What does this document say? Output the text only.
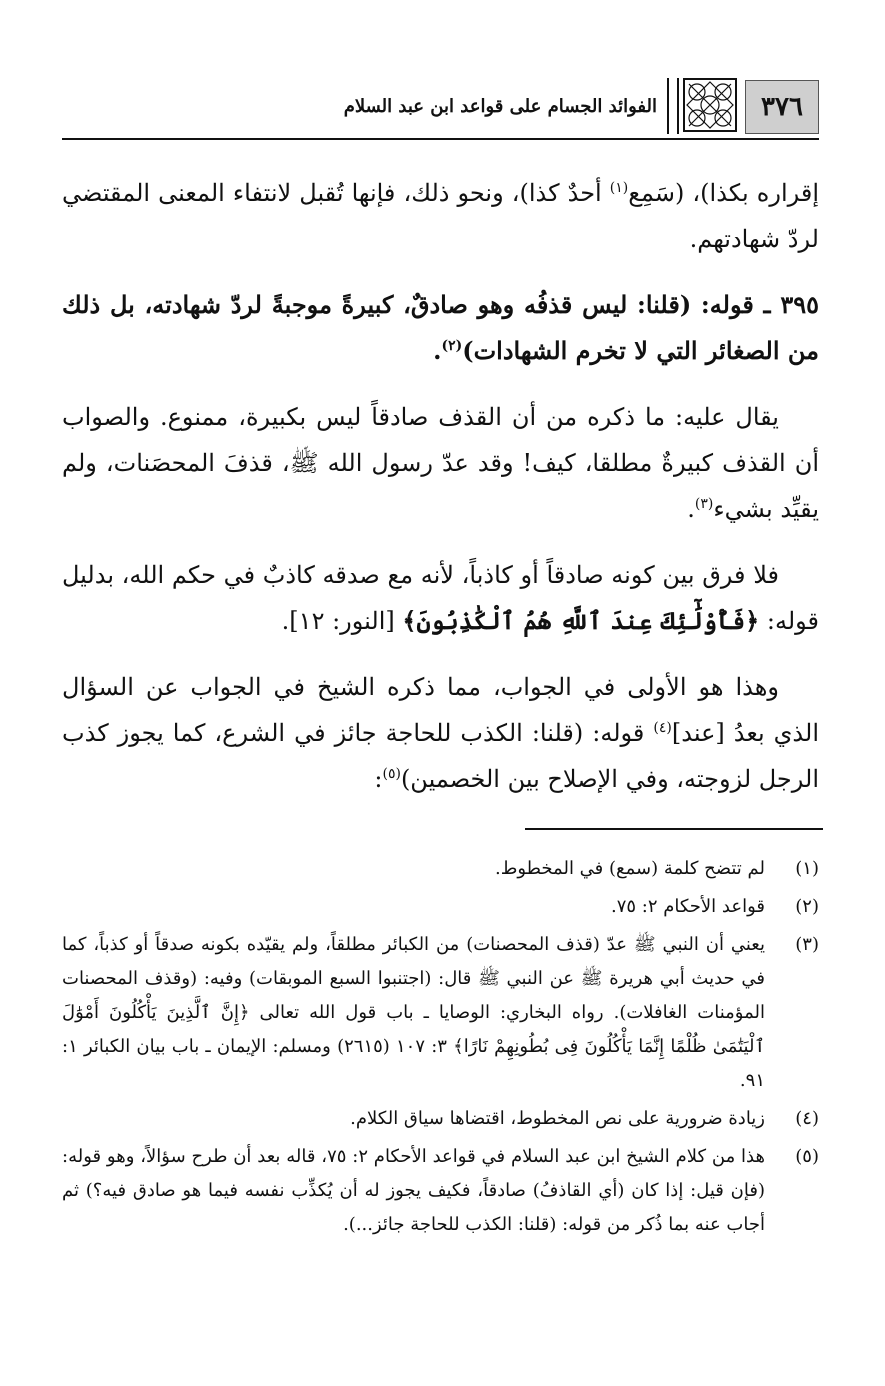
٣٧٦
الفوائد الجسام على قواعد ابن عبد السلام

إقراره بكذا)، (سَمِع$^{(١)}$ أحدٌ كذا)، ونحو ذلك، فإنها تُقبل لانتفاء المعنى المقتضي لردّ شهادتهم.

٣٩٥ ـ قوله: (قلنا: ليس قذفُه وهو صادقٌ، كبيرةً موجبةً لردّ شهادته، بل ذلك من الصغائر التي لا تخرم الشهادات)$^{(٢)}$.

يقال عليه: ما ذكره من أن القذف صادقاً ليس بكبيرة، ممنوع. والصواب أن القذف كبيرةٌ مطلقا، كيف! وقد عدّ رسول الله ﷺ، قذفَ المحصَنات، ولم يقيِّد بشيء$^{(٣)}$.

فلا فرق بين كونه صادقاً أو كاذباً، لأنه مع صدقه كاذبٌ في حكم الله، بدليل قوله: ﴿فَأُوْلَٰٓئِكَ عِندَ ٱللَّهِ هُمُ ٱلْكَٰذِبُونَ﴾ [النور: ١٢].

وهذا هو الأولى في الجواب، مما ذكره الشيخ في الجواب عن السؤال الذي بعدُ [عند]$^{(٤)}$ قوله: (قلنا: الكذب للحاجة جائز في الشرع، كما يجوز كذب الرجل لزوجته، وفي الإصلاح بين الخصمين)$^{(٥)}$:

(١)
لم تتضح كلمة (سمع) في المخطوط.
(٢)
قواعد الأحكام ٢: ٧٥.
(٣)
يعني أن النبي ﷺ عدّ (قذف المحصنات) من الكبائر مطلقاً، ولم يقيّده بكونه صدقاً أو كذباً، كما في حديث أبي هريرة ﷺ عن النبي ﷺ قال: (اجتنبوا السبع الموبقات) وفيه: (وقذف المحصنات المؤمنات الغافلات). رواه البخاري: الوصايا ـ باب قول الله تعالى ﴿إِنَّ ٱلَّذِينَ يَأْكُلُونَ أَمْوَٰلَ ٱلْيَتَٰمَىٰ ظُلْمًا إِنَّمَا يَأْكُلُونَ فِى بُطُونِهِمْ نَارًا﴾ ٣: ١٠٧ (٢٦١٥) ومسلم: الإيمان ـ باب بيان الكبائر ١: ٩١.
(٤)
زيادة ضرورية على نص المخطوط، اقتضاها سياق الكلام.
(٥)
هذا من كلام الشيخ ابن عبد السلام في قواعد الأحكام ٢: ٧٥، قاله بعد أن طرح سؤالاً، وهو قوله: (فإن قيل: إذا كان (أي القاذفُ) صادقاً، فكيف يجوز له أن يُكذِّب نفسه فيما هو صادق فيه؟) ثم أجاب عنه بما ذُكر من قوله: (قلنا: الكذب للحاجة جائز...).
